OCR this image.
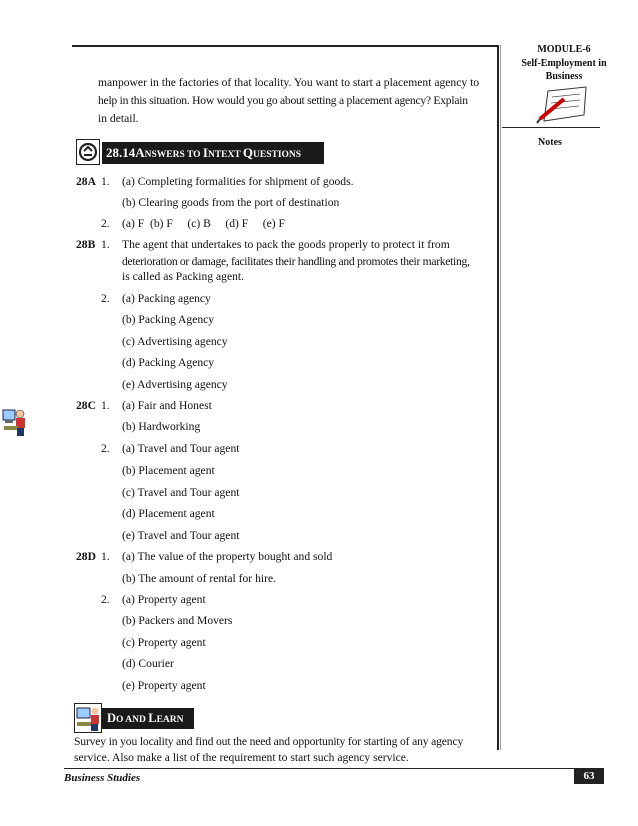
MODULE-6
Self-Employment in
Business
Notes
manpower in the factories of that locality. You want to start a placement agency to
help in this situation. How would you go about setting a placement agency? Explain
in detail.
28.14ANSWERS TO INTEXT QUESTIONS
28A 1. (a) Completing formalities for shipment of goods.
(b) Clearing goods from the port of destination
2. (a) F  (b) F     (c) B     (d) F     (e) F
28B 1. The agent that undertakes to pack the goods properly to protect it from
deterioration or damage, facilitates their handling and promotes their marketing,
is called as Packing agent.
2. (a) Packing agency
(b) Packing Agency
(c) Advertising agency
(d) Packing Agency
(e) Advertising agency
28C 1. (a) Fair and Honest
(b) Hardworking
2. (a) Travel and Tour agent
(b) Placement agent
(c) Travel and Tour agent
(d) Placement agent
(e) Travel and Tour agent
28D 1. (a) The value of the property bought and sold
(b) The amount of rental for hire.
2. (a) Property agent
(b) Packers and Movers
(c) Property agent
(d) Courier
(e) Property agent
DO AND LEARN
Survey in you locality and find out the need and opportunity for starting of any agency
service. Also make a list of the requirement to start such agency service.
Business Studies	63
